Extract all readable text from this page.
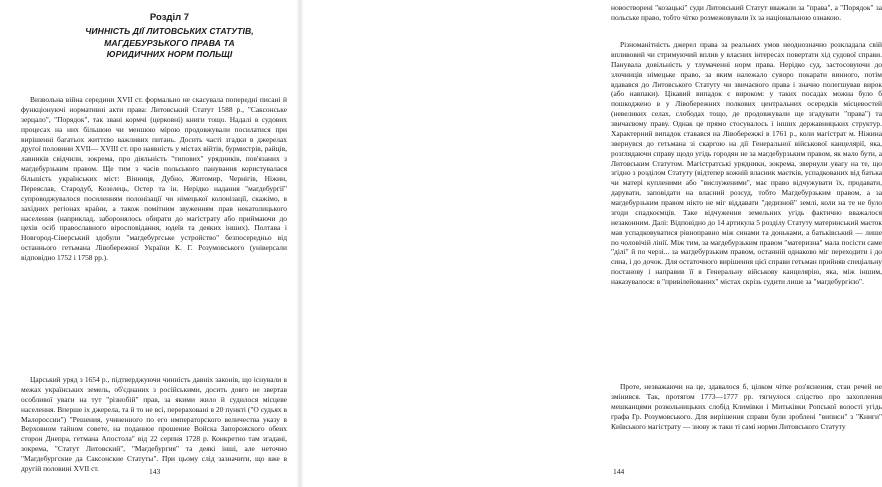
Розділ 7

ЧИННІСТЬ ДІЇ ЛИТОВСЬКИХ СТАТУТІВ, МАГДЕБУРЗЬКОГО ПРАВА ТА ЮРИДИЧНИХ НОРМ ПОЛЬЩІ

Визвольна війна середини XVII ст. формально не скасувала попередні писані й функціонуючі нормативні акти права: Литовський Статут 1588 р., "Саксонське зерцало", "Порядок", так звані кормчі (церковні) книги тощо. Надалі в судових процесах на них більшою чи меншою мірою продовжували посилатися при вирішенні багатьох життєво важливих питань. Досить часті згадки в джерелах другої половини XVII— XVIII ст. про наявність у містах війтів, бурмистрів, райців, лавників свідчили, зокрема, про діяльність "типових" урядників, пов'язаних з магдебурзьким правом. Ще тим з часів польського панування користувалася більшість українських міст: Вінниця, Дубно, Житомир, Чернігів, Ніжин, Переяслав, Стародуб, Козелець, Остер та ін. Нерідко надання "магдебургії" супроводжувалося посиленням полонізації чи німецької колонізації, скажімо, в західних регіонах країни, а також помітним звуженням прав некатолицького населення (наприклад, заборонялось обирати до магістрату або приймаючи до цехів осіб православного віросповідання, юдеїв та деяких інших). Полтава і Новгород-Сіверський здобули "магдебургське устройство" безпосередньо від останнього гетьмана Лівобережної України К. Г. Розумовського (універсали відповідно 1752 і 1758 рр.).

Царський уряд з 1654 р., підтверджуючи чинність давніх законів, що існували в межах українських земель, об'єднаних з російськими, досить довго не звертав особливої уваги на тут "різнобій" прав, за якими жило й судилося місцеве населення. Вперше іх джерела, та й то не всі, перераховані в 20 пункті ("О судьях в Малороссии") "Решения, учиненного по его императорского величества указу в Верховном тайном совете, на поданное прошение Войска Запорожского обеих сторон Днепра, гетмана Апостола" від 22 серпня 1728 р. Конкретно там згадані, зокрема, "Статут Литовский", "Магдебургия" та деякі інші, але неточно "Магдебургские да Саксонские Статуты". При цьому слід зазначити, що вже в другій половині XVII ст.	143

новостворені "козацькі" суди Литовський Статут вважали за "права", а "Порядок" за польське право, тобто чітко розмежовували їх за національною ознакою.

Різноманітність джерел права за реальних умов неоднозначно розкладала свій впливовий чи стримуючий вплив у власних інтересах повертати хід судової справи. Панувала довільність у тлумаченні норм права. Нерідко суд, застосовуючи до злочинців німецьке право, за яким належало суворо покарати винного, потім вдавався до Литовського Статуту чи звичаєвого права і значно полегшував вирок (або навпаки). Цікавий випадок є вироком: у таких посадах можна було б пошкоджено в у Лівобережних полкових центральних осередків місцевостей (невеликих селах, слободах тощо, де продовжували ще згадувати "права") та звичаєвому праву. Однак це прямо стосувалось і інших державницьких структур. Характерний випадок ставався на Лівобережжі в 1761 р., коли магістрат м. Ніжина звернувся до гетьмана зі скаргою на дії Генеральної військової канцелярії, яка, розглядаючи справу щодо угідь городян не за магдебурзьким правом, як мало бути, а Литовським Статутом. Магістратські урядники, зокрема, звернули увагу на те, що згідно з розділом Статуту (відтепер кожній власник маєтків, успадкованих від батька чи матері купленими або "вислуженими", має право відчужувати їх, продавати, дарувати, заповідати на власний розсуд, тобто Магдебурзьким правом, а за магдебурзьким правом нікто не міг віддавати "дедизной" землі, коли на те не було згоди спадкоємців. Таке відчуження земельних угідь фактично вважалося незаконним. Далі: Відповідно до 14 артикула 5 розділу Статуту материнський маєток мав успадковуватися рівноправно між синами та доньками, а батьківський — лише по чоловічій лінії. Між тим, за магдебурзьким правом "материзна" мала посісти саме "ділі" й по черзі... за магдебурзьким правом, останній однаково міг переходити і до сина, і до дочок. Для остаточного вирішення цієї справи гетьман прийняв спеціальну постанову і направив її в Генеральну військову канцелярію, яка, між іншим, наказувалося: в "привілейованих" містах скрізь судити лише за "магдебургією".

Проте, незважаючи на це, здавалося б, цілком чітке роз'яснення, стан речей не змінився. Так, протягом 1773—1777 рр. тягнулося слідство про захоплення мешканцями розкольницьких слобід Климівки і Митьківки Ропської волості угідь графа Гр. Розумовського. Для вирішення справи були зроблені "виписи" з "Книги" Київського магістрату — знову ж таки ті самі норми Литовського Статуту

144
